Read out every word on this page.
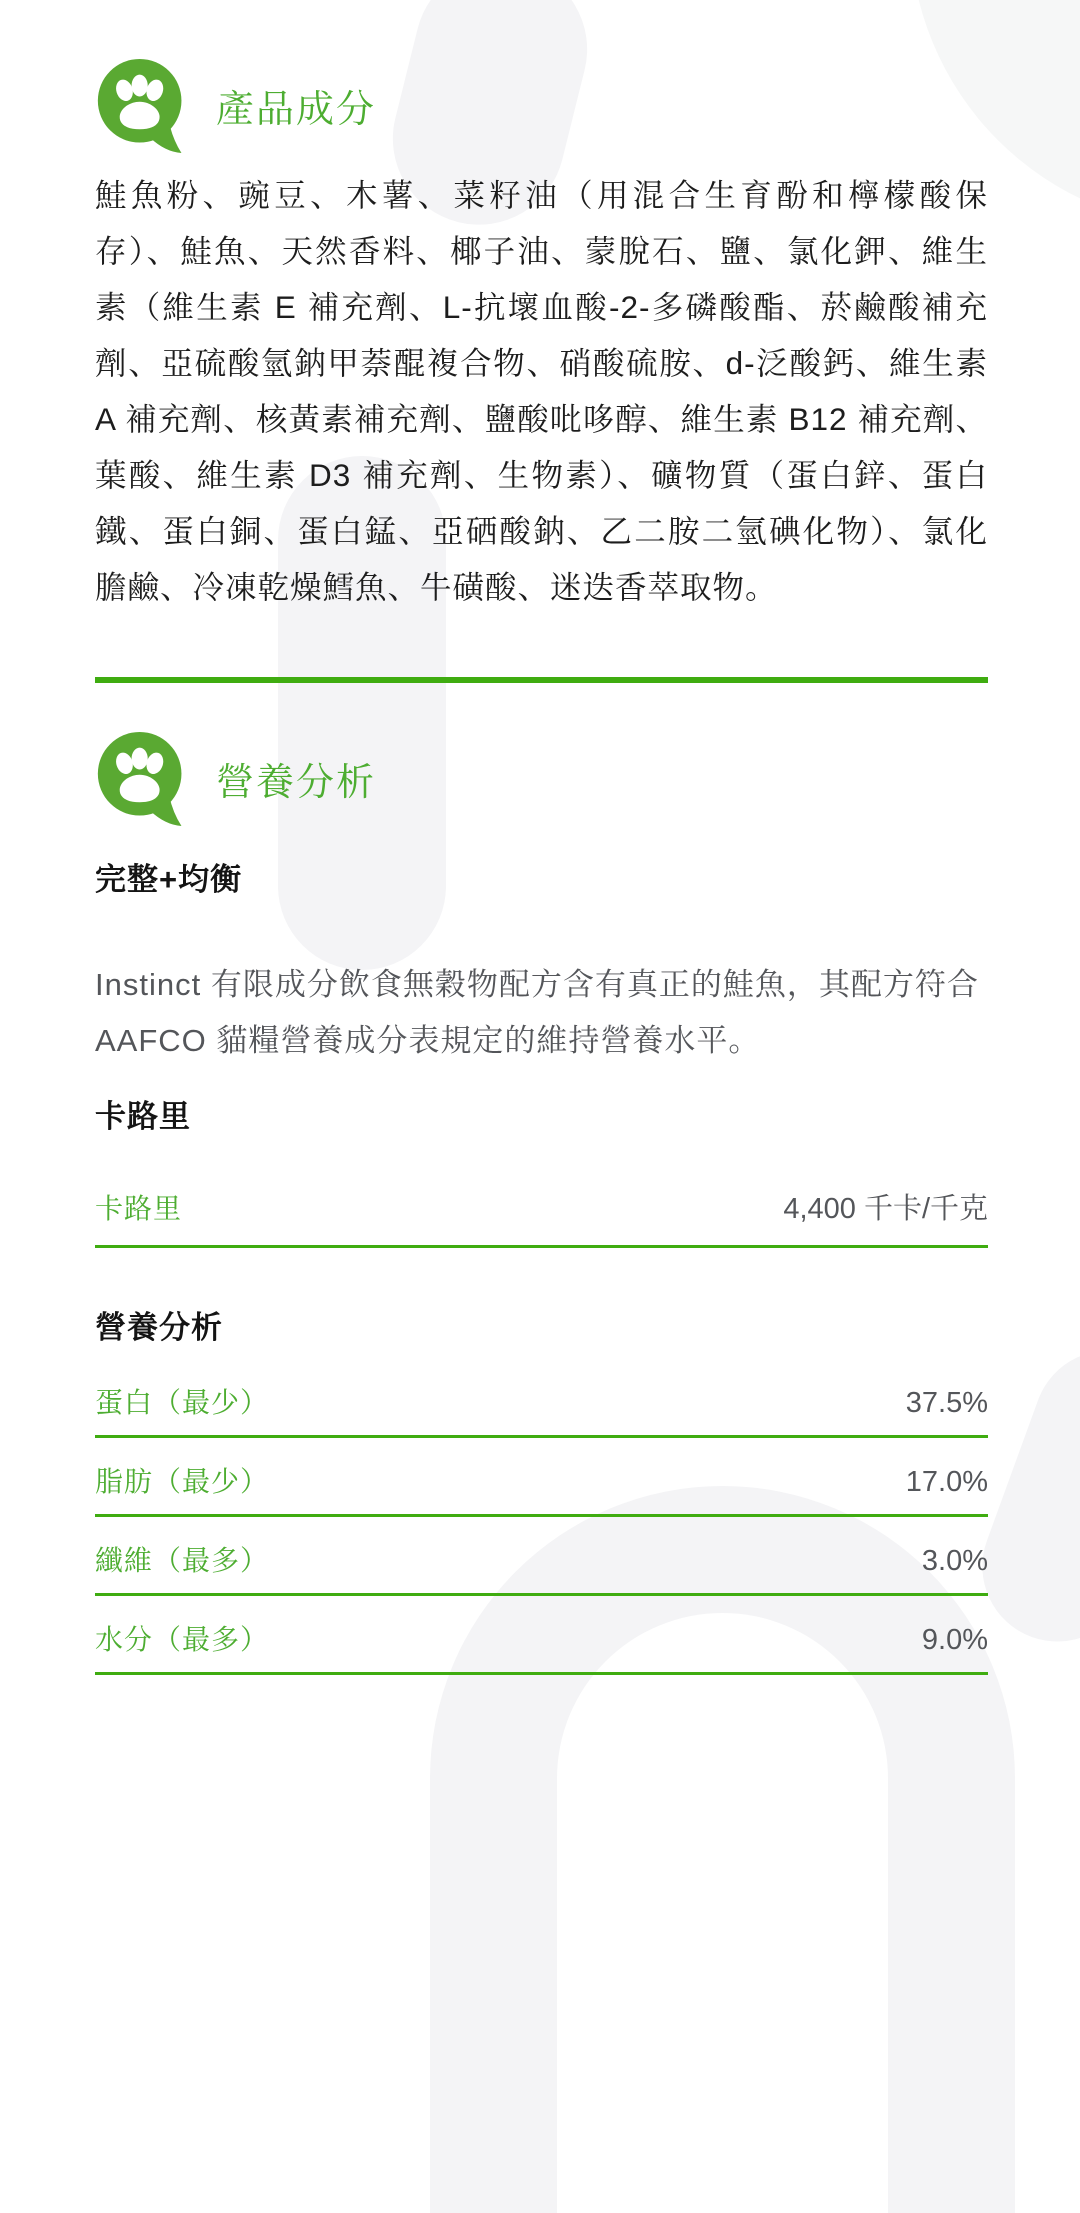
產品成分

鮭魚粉、豌豆、木薯、菜籽油（用混合生育酚和檸檬酸保存）、鮭魚、天然香料、椰子油、蒙脫石、鹽、氯化鉀、維生素（維生素 E 補充劑、L-抗壞血酸-2-多磷酸酯、菸鹼酸補充劑、亞硫酸氫鈉甲萘醌複合物、硝酸硫胺、d-泛酸鈣、維生素 A 補充劑、核黃素補充劑、鹽酸吡哆醇、維生素 B12 補充劑、葉酸、維生素 D3 補充劑、生物素）、礦物質（蛋白鋅、蛋白鐵、蛋白銅、蛋白錳、亞硒酸鈉、乙二胺二氫碘化物）、氯化膽鹼、冷凍乾燥鱈魚、牛磺酸、迷迭香萃取物。

營養分析
完整+均衡

Instinct 有限成分飲食無穀物配方含有真正的鮭魚，其配方符合 AAFCO 貓糧營養成分表規定的維持營養水平。

卡路里
卡路里	4,400 千卡/千克
營養分析
蛋白（最少）	37.5%
脂肪（最少）	17.0%
纖維（最多）	3.0%
水分（最多）	9.0%
